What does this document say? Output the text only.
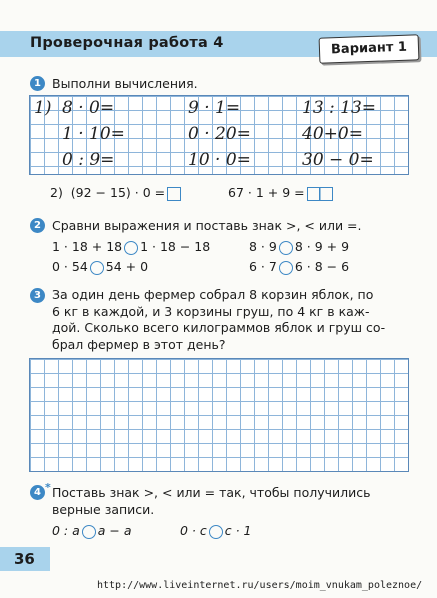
Проверочная работа 4	Вариант 1
1 Выполни вычисления.
1) 8 · 0=	9 · 1=	13 : 13=
1 · 10=	0 · 20=	40+0=
0 : 9=	10 · 0=	30 − 0=
2) (92 − 15) · 0 =	67 · 1 + 9 =
2 Сравни выражения и поставь знак >, < или =.
1 · 18 + 18 1 · 18 − 18	8 · 9 8 · 9 + 9
0 · 54 54 + 0	6 · 7 6 · 8 − 6
3 За один день фермер собрал 8 корзин яблок, по
6 кг в каждой, и 3 корзины груш, по 4 кг в каж-
дой. Сколько всего килограммов яблок и груш со-
брал фермер в этот день?
4 * Поставь знак >, < или = так, чтобы получились
верные записи.
0 : a a − a	0 · c c · 1
36
http://www.liveinternet.ru/users/moim_vnukam_poleznoe/
